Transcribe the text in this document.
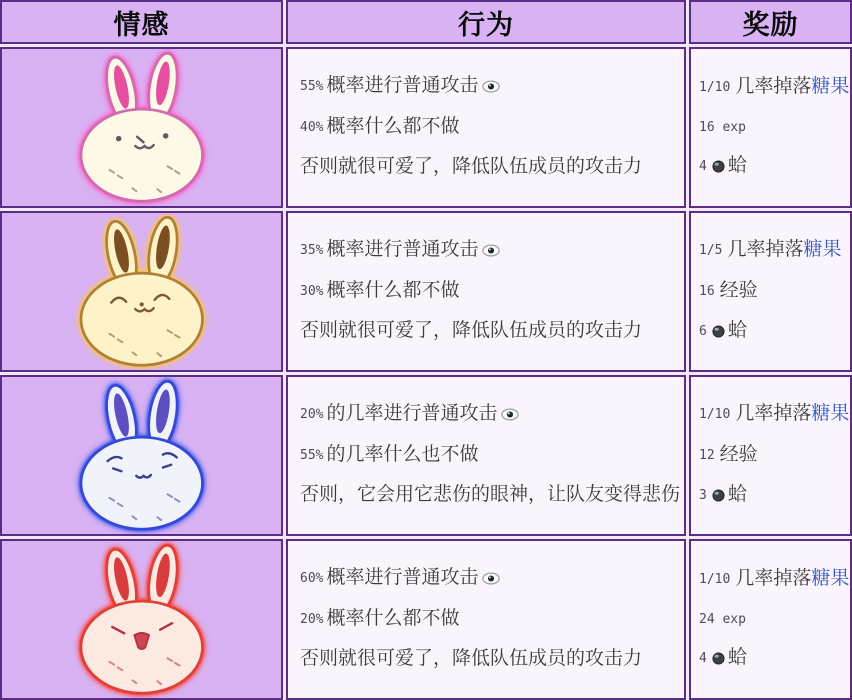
情感	行为	奖励
55% 概率进行普通攻击
40% 概率什么都不做
否则就很可爱了，降低队伍成员的攻击力
1/10 几率掉落 糖果
16 exp
4 蛤
35% 概率进行普通攻击
30% 概率什么都不做
否则就很可爱了，降低队伍成员的攻击力
1/5 几率掉落 糖果
16 经验
6 蛤
20% 的几率进行普通攻击
55% 的几率什么也不做
否则，它会用它悲伤的眼神，让队友变得悲伤
1/10 几率掉落 糖果
12 经验
3 蛤
60% 概率进行普通攻击
20% 概率什么都不做
否则就很可爱了，降低队伍成员的攻击力
1/10 几率掉落 糖果
24 exp
4 蛤
